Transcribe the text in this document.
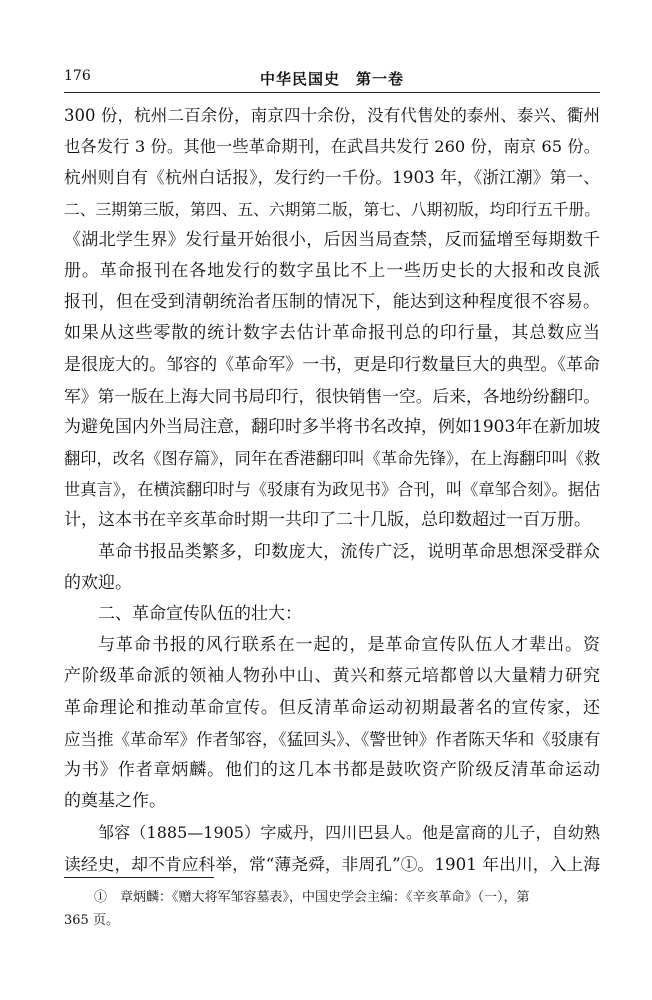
176	中华民国史　第一卷
300 份，杭州二百余份，南京四十余份，没有代售处的泰州、泰兴、衢州
也各发行 3 份。其他一些革命期刊，在武昌共发行 260 份，南京 65 份。
杭州则自有《杭州白话报》，发行约一千份。1903 年，《浙江潮》第一、
二、三期第三版，第四、五、六期第二版，第七、八期初版，均印行五千册。
《湖北学生界》发行量开始很小，后因当局查禁，反而猛增至每期数千
册。革命报刊在各地发行的数字虽比不上一些历史长的大报和改良派
报刊，但在受到清朝统治者压制的情况下，能达到这种程度很不容易。
如果从这些零散的统计数字去估计革命报刊总的印行量，其总数应当
是很庞大的。邹容的《革命军》一书，更是印行数量巨大的典型。《革命
军》第一版在上海大同书局印行，很快销售一空。后来，各地纷纷翻印。
为避免国内外当局注意，翻印时多半将书名改掉，例如1903年在新加坡
翻印，改名《图存篇》，同年在香港翻印叫《革命先锋》，在上海翻印叫《救
世真言》，在横滨翻印时与《驳康有为政见书》合刊，叫《章邹合刻》。据估
计，这本书在辛亥革命时期一共印了二十几版，总印数超过一百万册。
革命书报品类繁多，印数庞大，流传广泛，说明革命思想深受群众
的欢迎。
二、革命宣传队伍的壮大：
与革命书报的风行联系在一起的，是革命宣传队伍人才辈出。资
产阶级革命派的领袖人物孙中山、黄兴和蔡元培都曾以大量精力研究
革命理论和推动革命宣传。但反清革命运动初期最著名的宣传家，还
应当推《革命军》作者邹容，《猛回头》、《警世钟》作者陈天华和《驳康有
为书》作者章炳麟。他们的这几本书都是鼓吹资产阶级反清革命运动
的奠基之作。
邹容（1885—1905）字威丹，四川巴县人。他是富商的儿子，自幼熟
读经史，却不肯应科举，常“薄尧舜，非周孔”①。1901 年出川，入上海
①　章炳麟：《赠大将军邹容墓表》，中国史学会主编：《辛亥革命》（一），第
365 页。
